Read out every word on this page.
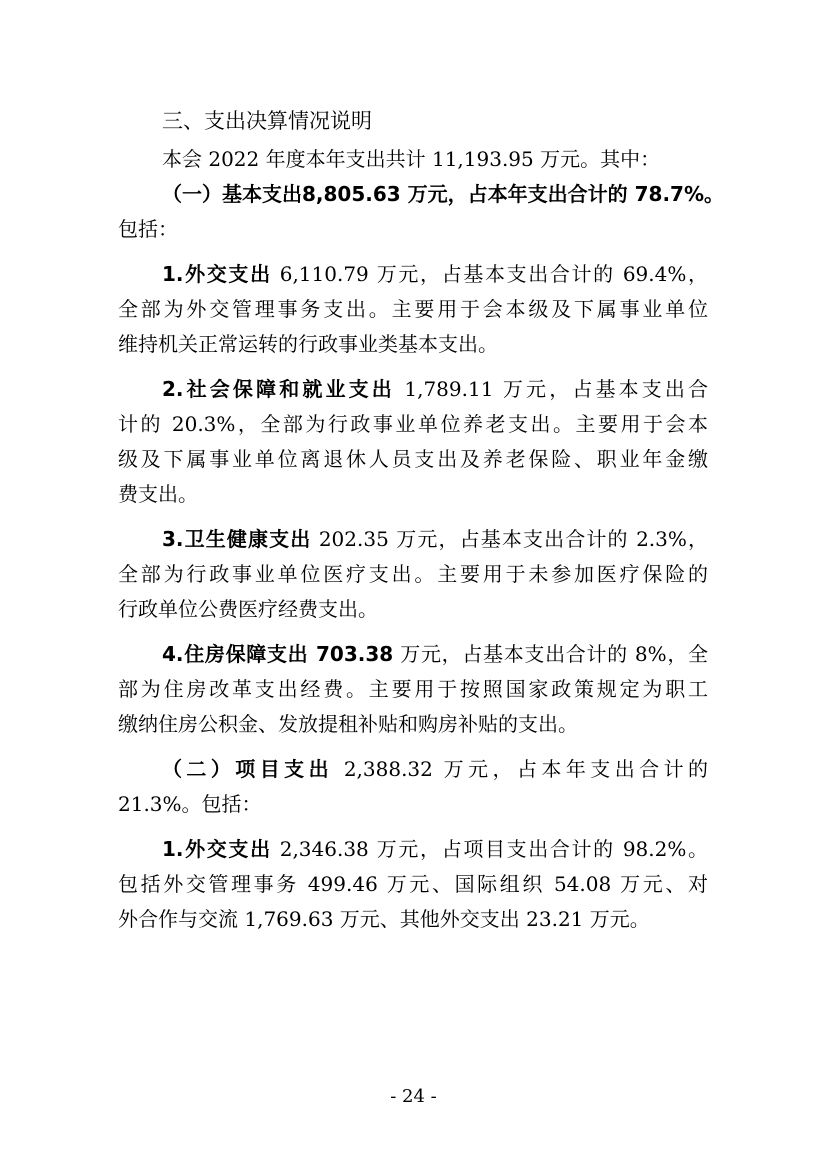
三、支出决算情况说明
本会 2022 年度本年支出共计 11,193.95 万元。其中：
（一）基本支出8,805.63 万元，占本年支出合计的 78.7%。
包括：
1.外交支出 6,110.79 万元，占基本支出合计的 69.4%，
全部为外交管理事务支出。主要用于会本级及下属事业单位
维持机关正常运转的行政事业类基本支出。
2.社会保障和就业支出 1,789.11 万元，占基本支出合
计的 20.3%，全部为行政事业单位养老支出。主要用于会本
级及下属事业单位离退休人员支出及养老保险、职业年金缴
费支出。
3.卫生健康支出 202.35 万元，占基本支出合计的 2.3%，
全部为行政事业单位医疗支出。主要用于未参加医疗保险的
行政单位公费医疗经费支出。
4.住房保障支出 703.38 万元，占基本支出合计的 8%，全
部为住房改革支出经费。主要用于按照国家政策规定为职工
缴纳住房公积金、发放提租补贴和购房补贴的支出。
（二）项目支出 2,388.32 万元，占本年支出合计的
21.3%。包括：
1.外交支出 2,346.38 万元，占项目支出合计的 98.2%。
包括外交管理事务 499.46 万元、国际组织 54.08 万元、对
外合作与交流 1,769.63 万元、其他外交支出 23.21 万元。
- 24 -
